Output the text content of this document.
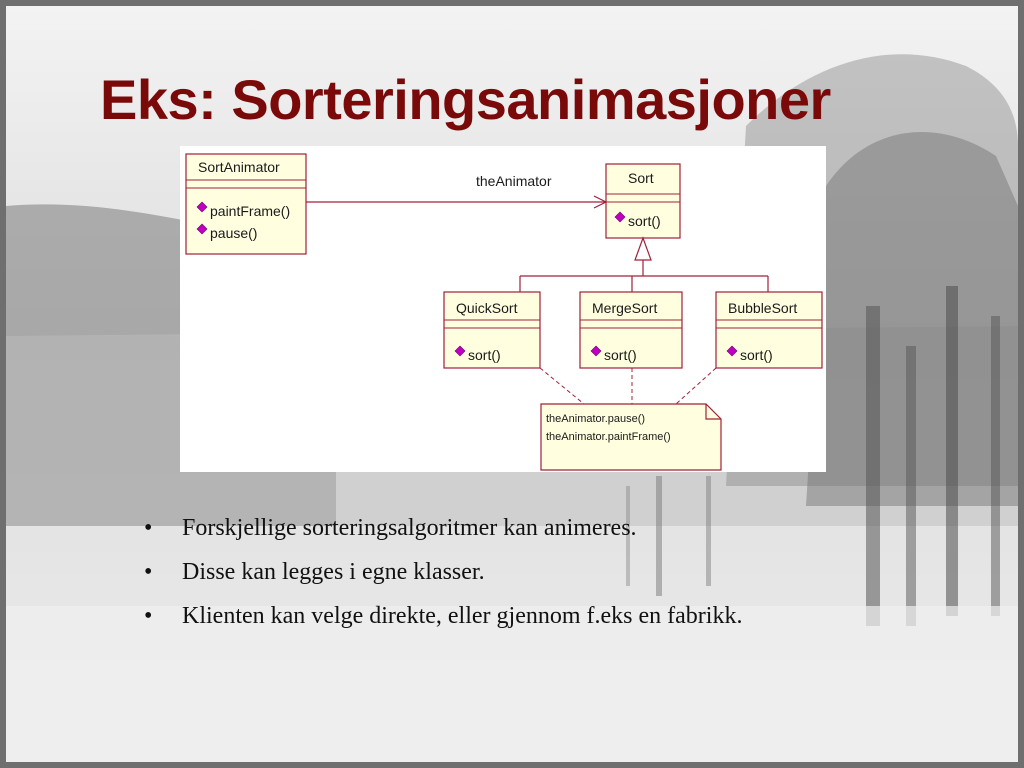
Eks: Sorteringsanimasjoner
SortAnimator
paintFrame()
pause()
theAnimator	Sort
sort()
QuickSort
sort()
MergeSort
sort()
BubbleSort
sort()
theAnimator.pause()
theAnimator.paintFrame()
• Forskjellige sorteringsalgoritmer kan animeres.
• Disse kan legges i egne klasser.
• Klienten kan velge direkte, eller gjennom f.eks en fabrikk.
